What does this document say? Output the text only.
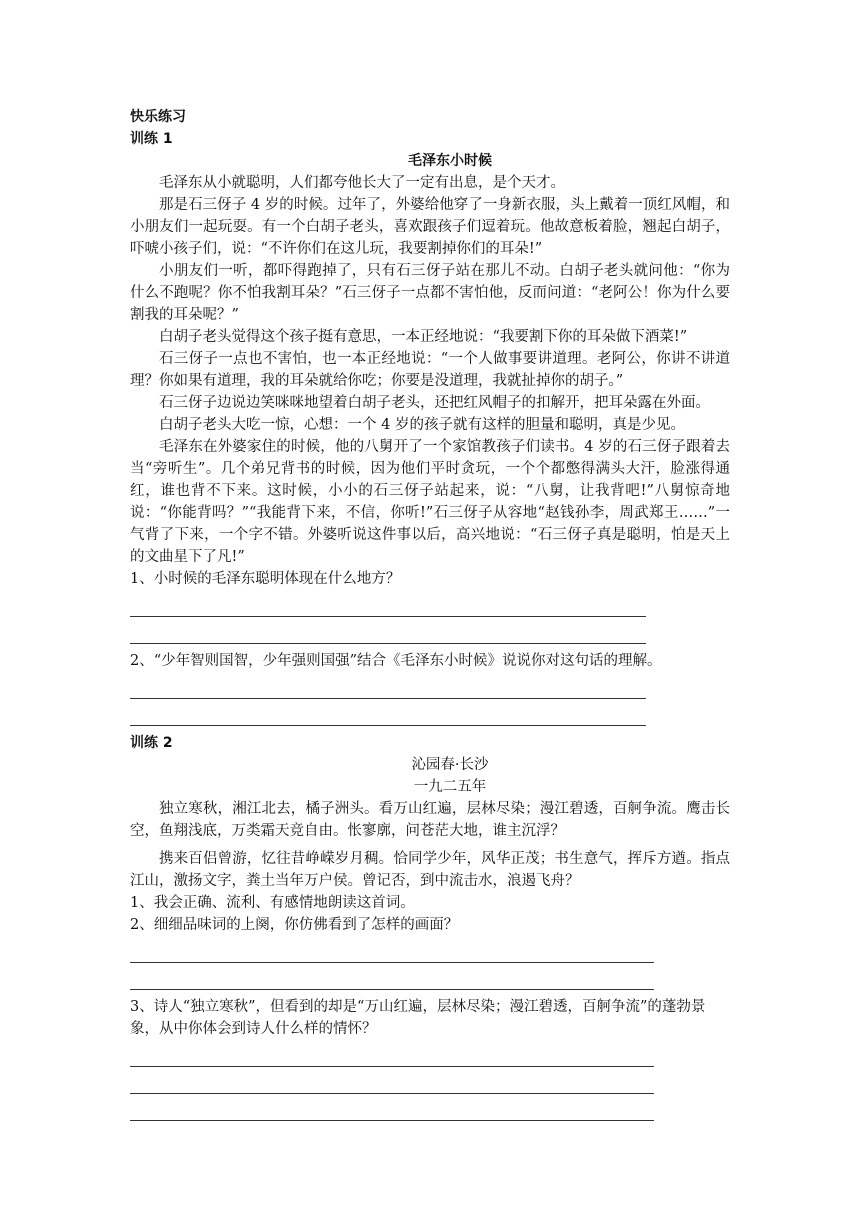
快乐练习
训练 1
毛泽东小时候

毛泽东从小就聪明，人们都夸他长大了一定有出息，是个天才。

那是石三伢子 4 岁的时候。过年了，外婆给他穿了一身新衣服，头上戴着一顶红风帽，和小朋友们一起玩耍。有一个白胡子老头，喜欢跟孩子们逗着玩。他故意板着脸，翘起白胡子，吓唬小孩子们，说：“不许你们在这儿玩，我要割掉你们的耳朵!”

小朋友们一听，都吓得跑掉了，只有石三伢子站在那儿不动。白胡子老头就问他：“你为什么不跑呢？你不怕我割耳朵？”石三伢子一点都不害怕他，反而问道：“老阿公！你为什么要割我的耳朵呢？”

白胡子老头觉得这个孩子挺有意思，一本正经地说：“我要割下你的耳朵做下酒菜!”

石三伢子一点也不害怕，也一本正经地说：“一个人做事要讲道理。老阿公，你讲不讲道理？你如果有道理，我的耳朵就给你吃；你要是没道理，我就扯掉你的胡子。”

石三伢子边说边笑咪咪地望着白胡子老头，还把红风帽子的扣解开，把耳朵露在外面。

白胡子老头大吃一惊，心想：一个 4 岁的孩子就有这样的胆量和聪明，真是少见。

毛泽东在外婆家住的时候，他的八舅开了一个家馆教孩子们读书。4 岁的石三伢子跟着去当“旁听生”。几个弟兄背书的时候，因为他们平时贪玩，一个个都憋得满头大汗，脸涨得通红，谁也背不下来。这时候，小小的石三伢子站起来，说：“八舅，让我背吧!”八舅惊奇地说：“你能背吗？”“我能背下来，不信，你听!”石三伢子从容地“赵钱孙李，周武郑王……”一气背了下来，一个字不错。外婆听说这件事以后，高兴地说：“石三伢子真是聪明，怕是天上的文曲星下了凡!”

1、小时候的毛泽东聪明体现在什么地方？
2、“少年智则国智，少年强则国强”结合《毛泽东小时候》说说你对这句话的理解。
训练 2
沁园春·长沙
一九二五年

独立寒秋，湘江北去，橘子洲头。看万山红遍，层林尽染；漫江碧透，百舸争流。鹰击长空，鱼翔浅底，万类霜天竞自由。怅寥廓，问苍茫大地，谁主沉浮？

携来百侣曾游，忆往昔峥嵘岁月稠。恰同学少年，风华正茂；书生意气，挥斥方遒。指点江山，激扬文字，粪土当年万户侯。曾记否，到中流击水，浪遏飞舟？

1、我会正确、流利、有感情地朗读这首词。
2、细细品味词的上阕，你仿佛看到了怎样的画面？
3、诗人“独立寒秋”，但看到的却是“万山红遍，层林尽染；漫江碧透，百舸争流”的蓬勃景象，从中你体会到诗人什么样的情怀？
